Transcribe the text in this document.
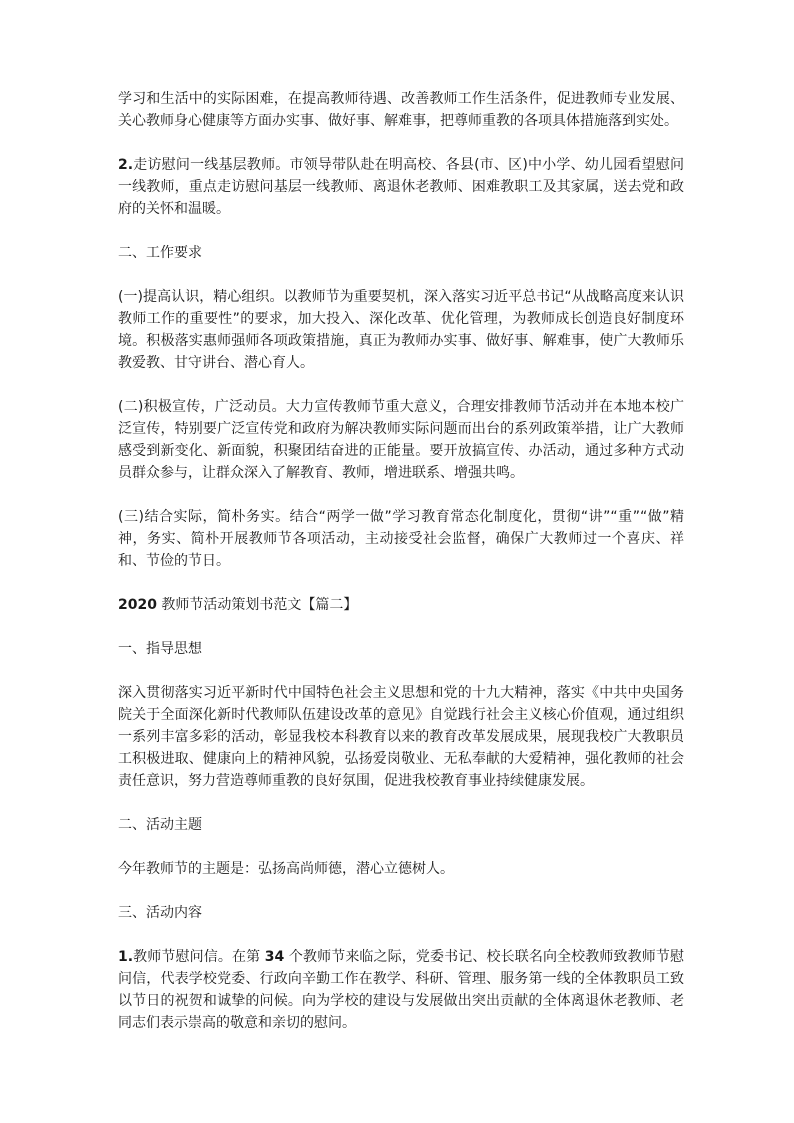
学习和生活中的实际困难，在提高教师待遇、改善教师工作生活条件，促进教师专业发展、关心教师身心健康等方面办实事、做好事、解难事，把尊师重教的各项具体措施落到实处。

2.走访慰问一线基层教师。市领导带队赴在明高校、各县(市、区)中小学、幼儿园看望慰问一线教师，重点走访慰问基层一线教师、离退休老教师、困难教职工及其家属，送去党和政府的关怀和温暖。

二、工作要求

(一)提高认识，精心组织。以教师节为重要契机，深入落实习近平总书记“从战略高度来认识教师工作的重要性”的要求，加大投入、深化改革、优化管理，为教师成长创造良好制度环境。积极落实惠师强师各项政策措施，真正为教师办实事、做好事、解难事，使广大教师乐教爱教、甘守讲台、潜心育人。

(二)积极宣传，广泛动员。大力宣传教师节重大意义，合理安排教师节活动并在本地本校广泛宣传，特别要广泛宣传党和政府为解决教师实际问题而出台的系列政策举措，让广大教师感受到新变化、新面貌，积聚团结奋进的正能量。要开放搞宣传、办活动，通过多种方式动员群众参与，让群众深入了解教育、教师，增进联系、增强共鸣。

(三)结合实际，简朴务实。结合“两学一做”学习教育常态化制度化，贯彻“讲”“重”“做”精神，务实、简朴开展教师节各项活动，主动接受社会监督，确保广大教师过一个喜庆、祥和、节俭的节日。

2020 教师节活动策划书范文【篇二】

一、指导思想

深入贯彻落实习近平新时代中国特色社会主义思想和党的十九大精神，落实《中共中央国务院关于全面深化新时代教师队伍建设改革的意见》自觉践行社会主义核心价值观，通过组织一系列丰富多彩的活动，彰显我校本科教育以来的教育改革发展成果，展现我校广大教职员工积极进取、健康向上的精神风貌，弘扬爱岗敬业、无私奉献的大爱精神，强化教师的社会责任意识，努力营造尊师重教的良好氛围，促进我校教育事业持续健康发展。

二、活动主题

今年教师节的主题是：弘扬高尚师德，潜心立德树人。

三、活动内容

1.教师节慰问信。在第 34 个教师节来临之际，党委书记、校长联名向全校教师致教师节慰问信，代表学校党委、行政向辛勤工作在教学、科研、管理、服务第一线的全体教职员工致以节日的祝贺和诚挚的问候。向为学校的建设与发展做出突出贡献的全体离退休老教师、老同志们表示崇高的敬意和亲切的慰问。
